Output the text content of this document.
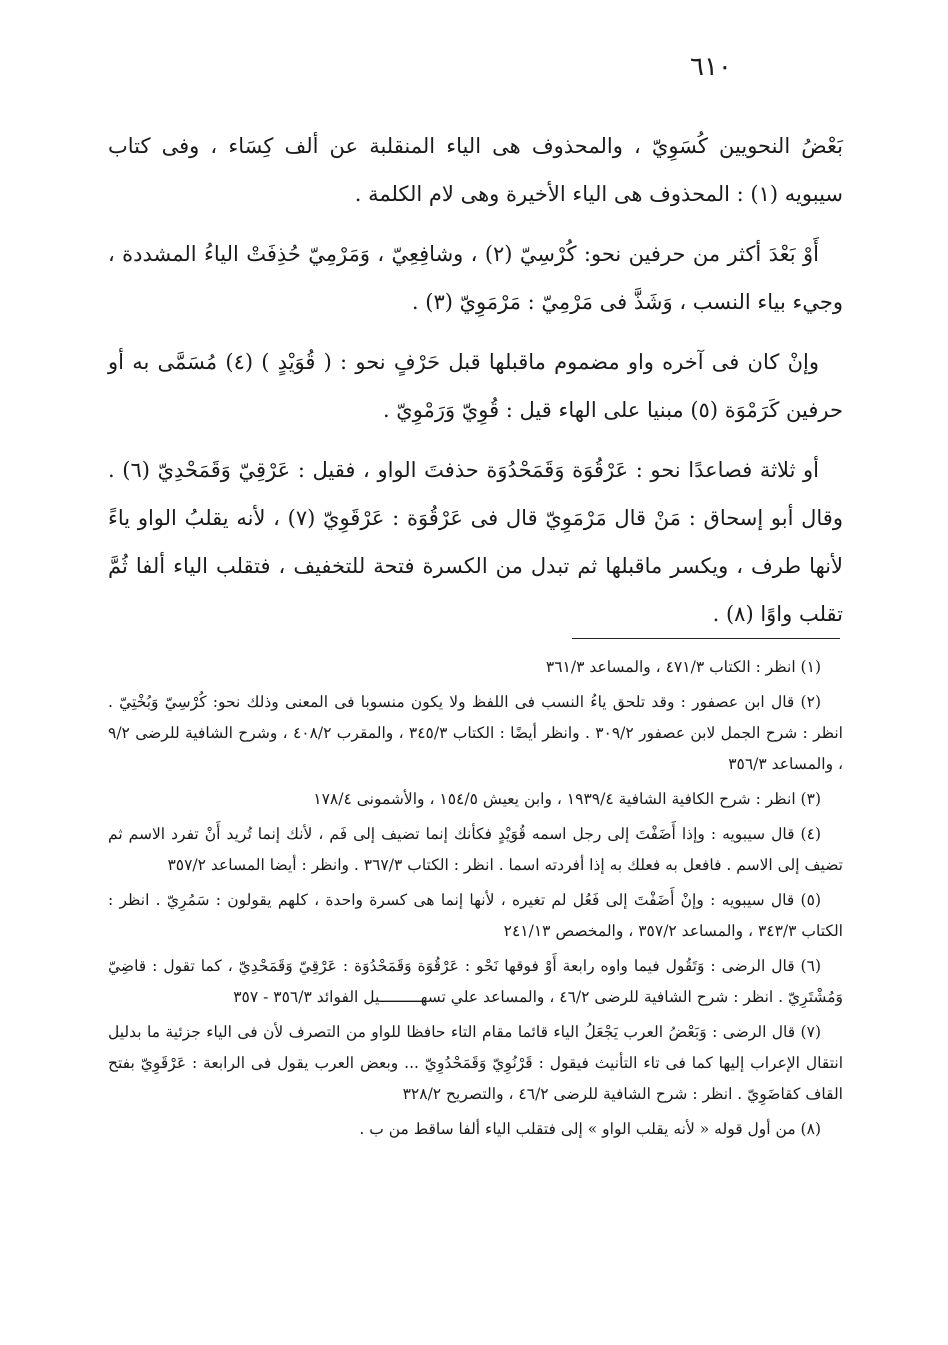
٦١٠

بَعْضُ النحويين كُسَوِيّ ، والمحذوف هى الياء المنقلبة عن ألف كِسَاء ، وفى كتاب سيبويه (١) : المحذوف هى الياء الأخيرة وهى لام الكلمة .

أَوْ بَعْدَ أكثر من حرفين نحو: كُرْسِيّ (٢) ، وشافِعِيّ ، وَمَرْمِيّ حُذِفَتْ الياءُ المشددة ، وجيء بياء النسب ، وَشَذَّ فى مَرْمِيّ : مَرْمَوِيّ (٣) .

وإنْ كان فى آخره واو مضموم ماقبلها قبل حَرْفٍ نحو : ( قُوَيْدٍ ) (٤) مُسَمَّى به أو حرفين كَرَمْوَة (٥) مبنيا على الهاء قيل : قُوِيّ وَرَمْوِيّ .

أو ثلاثة فصاعدًا نحو : عَرْقُوَة وَقَمَحْدُوَة حذفتَ الواو ، فقيل : عَرْقِيّ وَقَمَحْدِيّ (٦) . وقال أبو إسحاق : مَنْ قال مَرْمَوِيّ قال فى عَرْقُوَة : عَرْقَوِيّ (٧) ، لأنه يقلبُ الواو ياءً لأنها طرف ، ويكسر ماقبلها ثم تبدل من الكسرة فتحة للتخفيف ، فتقلب الياء ألفا ثُمَّ تقلب واوًا (٨) .

(١) انظر : الكتاب ٤٧١/٣ ، والمساعد ٣٦١/٣

(٢) قال ابن عصفور : وقد تلحق ياءُ النسب فى اللفظ ولا يكون منسوبا فى المعنى وذلك نحو: كُرْسِيّ وَبُخْتِيّ . انظر : شرح الجمل لابن عصفور ٣٠٩/٢ . وانظر أيضًا : الكتاب ٣٤٥/٣ ، والمقرب ٤٠٨/٢ ، وشرح الشافية للرضى ٩/٢ ، والمساعد ٣٥٦/٣

(٣) انظر : شرح الكافية الشافية ١٩٣٩/٤ ، وابن يعيش ١٥٤/٥ ، والأشمونى ١٧٨/٤

(٤) قال سيبويه : وإذا أَضَفْتَ إلى رجل اسمه قُوَيْدٍ فكأنك إنما تضيف إلى فَم ، لأنك إنما تُريد أَنْ تفرد الاسم ثم تضيف إلى الاسم . فافعل به فعلك به إذا أفردته اسما . انظر : الكتاب ٣٦٧/٣ . وانظر : أيضا المساعد ٣٥٧/٢

(٥) قال سيبويه : وإنْ أَضَفْتَ إلى فَعُل لم تغيره ، لأنها إنما هى كسرة واحدة ، كلهم يقولون : سَمُرِيّ . انظر : الكتاب ٣٤٣/٣ ، والمساعد ٣٥٧/٢ ، والمخصص ٢٤١/١٣

(٦) قال الرضى : وَتَقُول فيما واوه رابعة أَوْ فوقها نَحْو : عَرْقُوَة وَقَمَحْدُوَة : عَرْقِيّ وَقَمَحْدِيّ ، كما تقول : قاضِيّ وَمُشْتَرِيّ . انظر : شرح الشافية للرضى ٤٦/٢ ، والمساعد علي تسهـــــــــيل الفوائد ٣٥٦/٣ - ٣٥٧

(٧) قال الرضى : وَبَعْضُ العرب يَجْعَلُ الياء قائما مقام التاء حافظا للواو من التصرف لأن فى الياء جزئية ما بدليل انتقال الإعراب إليها كما فى تاء التأنيث فيقول : قَرْنُوِيّ وَقَمَحْدُوِيّ ... وبعض العرب يقول فى الرابعة : عَرْقَوِيّ بفتح القاف كقاضَوِيّ . انظر : شرح الشافية للرضى ٤٦/٢ ، والتصريح ٣٢٨/٢

(٨) من أول قوله « لأنه يقلب الواو » إلى فتقلب الياء ألفا ساقط من ب .
